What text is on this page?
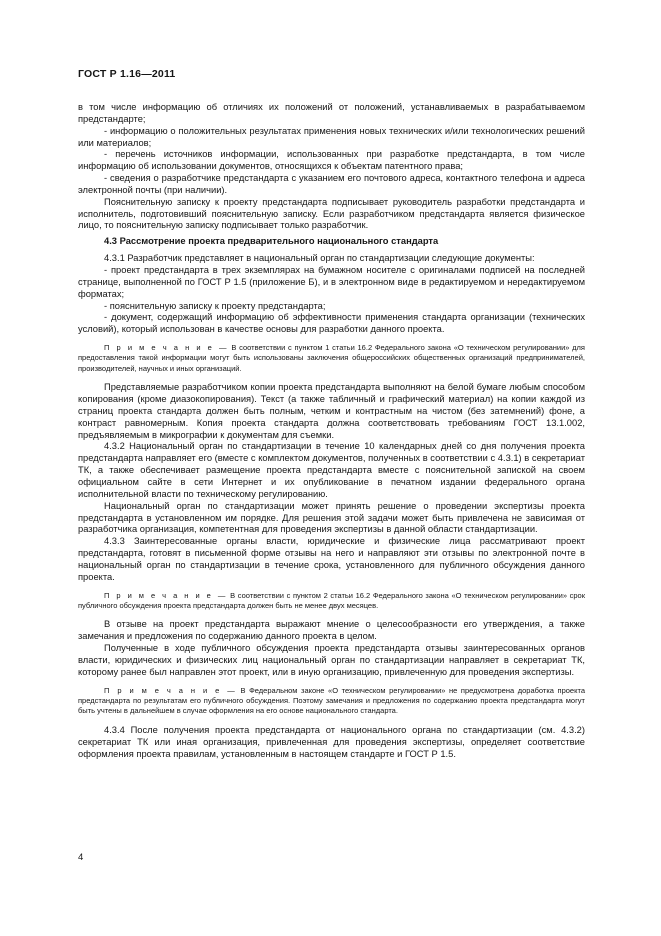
ГОСТ Р 1.16—2011

в том числе информацию об отличиях их положений от положений, устанавливаемых в разрабатываемом предстандарте;

- информацию о положительных результатах применения новых технических и/или технологических решений или материалов;

- перечень источников информации, использованных при разработке предстандарта, в том числе информацию об использовании документов, относящихся к объектам патентного права;

- сведения о разработчике предстандарта с указанием его почтового адреса, контактного телефона и адреса электронной почты (при наличии).

Пояснительную записку к проекту предстандарта подписывает руководитель разработки предстандарта и исполнитель, подготовивший пояснительную записку. Если разработчиком предстандарта является физическое лицо, то пояснительную записку подписывает только разработчик.

4.3 Рассмотрение проекта предварительного национального стандарта

4.3.1 Разработчик представляет в национальный орган по стандартизации следующие документы:

- проект предстандарта в трех экземплярах на бумажном носителе с оригиналами подписей на последней странице, выполненной по ГОСТ Р 1.5 (приложение Б), и в электронном виде в редактируемом и нередактируемом форматах;

- пояснительную записку к проекту предстандарта;

- документ, содержащий информацию об эффективности применения стандарта организации (технических условий), который использован в качестве основы для разработки данного проекта.

П р и м е ч а н и е — В соответствии с пунктом 1 статьи 16.2 Федерального закона «О техническом регулировании» для предоставления такой информации могут быть использованы заключения общероссийских общественных организаций предпринимателей, производителей, научных и иных организаций.

Представляемые разработчиком копии проекта предстандарта выполняют на белой бумаге любым способом копирования (кроме диазокопирования). Текст (а также табличный и графический материал) на копии каждой из страниц проекта стандарта должен быть полным, четким и контрастным на чистом (без затемнений) фоне, а контраст равномерным. Копия проекта стандарта должна соответствовать требованиям ГОСТ 13.1.002, предъявляемым в микрографии к документам для съемки.

4.3.2 Национальный орган по стандартизации в течение 10 календарных дней со дня получения проекта предстандарта направляет его (вместе с комплектом документов, полученных в соответствии с 4.3.1) в секретариат ТК, а также обеспечивает размещение проекта предстандарта вместе с пояснительной запиской на своем официальном сайте в сети Интернет и их опубликование в печатном издании федерального органа исполнительной власти по техническому регулированию.

Национальный орган по стандартизации может принять решение о проведении экспертизы проекта предстандарта в установленном им порядке. Для решения этой задачи может быть привлечена не зависимая от разработчика организация, компетентная для проведения экспертизы в данной области стандартизации.

4.3.3 Заинтересованные органы власти, юридические и физические лица рассматривают проект предстандарта, готовят в письменной форме отзывы на него и направляют эти отзывы по электронной почте в национальный орган по стандартизации в течение срока, установленного для публичного обсуждения данного проекта.

П р и м е ч а н и е — В соответствии с пунктом 2 статьи 16.2 Федерального закона «О техническом регулировании» срок публичного обсуждения проекта предстандарта должен быть не менее двух месяцев.

В отзыве на проект предстандарта выражают мнение о целесообразности его утверждения, а также замечания и предложения по содержанию данного проекта в целом.

Полученные в ходе публичного обсуждения проекта предстандарта отзывы заинтересованных органов власти, юридических и физических лиц национальный орган по стандартизации направляет в секретариат ТК, которому ранее был направлен этот проект, или в иную организацию, привлеченную для проведения экспертизы.

П р и м е ч а н и е — В Федеральном законе «О техническом регулировании» не предусмотрена доработка проекта предстандарта по результатам его публичного обсуждения. Поэтому замечания и предложения по содержанию проекта предстандарта могут быть учтены в дальнейшем в случае оформления на его основе национального стандарта.

4.3.4 После получения проекта предстандарта от национального органа по стандартизации (см. 4.3.2) секретариат ТК или иная организация, привлеченная для проведения экспертизы, определяет соответствие оформления проекта правилам, установленным в настоящем стандарте и ГОСТ Р 1.5.

4
